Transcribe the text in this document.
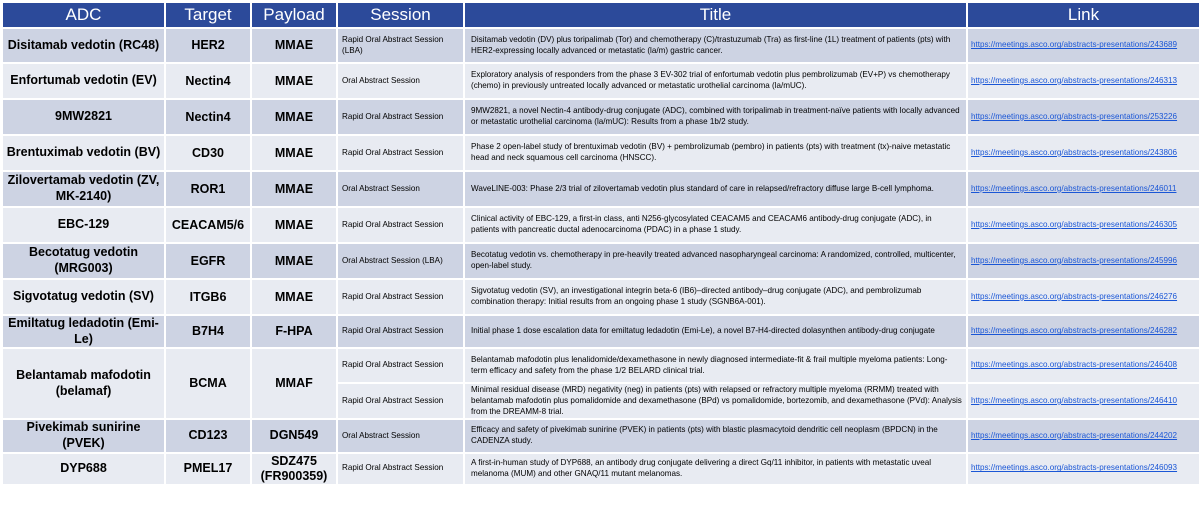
ADC	Target	Payload	Session	Title	Link
Disitamab vedotin (RC48)	HER2	MMAE	Rapid Oral Abstract Session (LBA)	Disitamab vedotin (DV) plus toripalimab (Tor) and chemotherapy (C)/trastuzumab (Tra) as first-line (1L) treatment of patients (pts) with HER2-expressing locally advanced or metastatic (la/m) gastric cancer.	https://meetings.asco.org/abstracts-presentations/243689
Enfortumab vedotin (EV)	Nectin4	MMAE	Oral Abstract Session	Exploratory analysis of responders from the phase 3 EV-302 trial of enfortumab vedotin plus pembrolizumab (EV+P) vs chemotherapy (chemo) in previously untreated locally advanced or metastatic urothelial carcinoma (la/mUC).	https://meetings.asco.org/abstracts-presentations/246313
9MW2821	Nectin4	MMAE	Rapid Oral Abstract Session	9MW2821, a novel Nectin-4 antibody-drug conjugate (ADC), combined with toripalimab in treatment-naïve patients with locally advanced or metastatic urothelial carcinoma (la/mUC): Results from a phase 1b/2 study.	https://meetings.asco.org/abstracts-presentations/253226
Brentuximab vedotin (BV)	CD30	MMAE	Rapid Oral Abstract Session	Phase 2 open-label study of brentuximab vedotin (BV) + pembrolizumab (pembro) in patients (pts) with treatment (tx)-naive metastatic head and neck squamous cell carcinoma (HNSCC).	https://meetings.asco.org/abstracts-presentations/243806
Zilovertamab vedotin (ZV, MK-2140)	ROR1	MMAE	Oral Abstract Session	WaveLINE-003: Phase 2/3 trial of zilovertamab vedotin plus standard of care in relapsed/refractory diffuse large B-cell lymphoma.	https://meetings.asco.org/abstracts-presentations/246011
EBC-129	CEACAM5/6	MMAE	Rapid Oral Abstract Session	Clinical activity of EBC-129, a first-in class, anti N256-glycosylated CEACAM5 and CEACAM6 antibody-drug conjugate (ADC), in patients with pancreatic ductal adenocarcinoma (PDAC) in a phase 1 study.	https://meetings.asco.org/abstracts-presentations/246305
Becotatug vedotin (MRG003)	EGFR	MMAE	Oral Abstract Session (LBA)	Becotatug vedotin vs. chemotherapy in pre-heavily treated advanced nasopharyngeal carcinoma: A randomized, controlled, multicenter, open-label study.	https://meetings.asco.org/abstracts-presentations/245996
Sigvotatug vedotin (SV)	ITGB6	MMAE	Rapid Oral Abstract Session	Sigvotatug vedotin (SV), an investigational integrin beta-6 (IB6)–directed antibody–drug conjugate (ADC), and pembrolizumab combination therapy: Initial results from an ongoing phase 1 study (SGNB6A-001).	https://meetings.asco.org/abstracts-presentations/246276
Emiltatug ledadotin (Emi-Le)	B7H4	F-HPA	Rapid Oral Abstract Session	Initial phase 1 dose escalation data for emiltatug ledadotin (Emi-Le), a novel B7-H4-directed dolasynthen antibody-drug conjugate	https://meetings.asco.org/abstracts-presentations/246282
Belantamab mafodotin (belamaf)	BCMA	MMAF	Rapid Oral Abstract Session	Belantamab mafodotin plus lenalidomide/dexamethasone in newly diagnosed intermediate-fit & frail multiple myeloma patients: Long-term efficacy and safety from the phase 1/2 BELARD clinical trial.	https://meetings.asco.org/abstracts-presentations/246408
			Rapid Oral Abstract Session	Minimal residual disease (MRD) negativity (neg) in patients (pts) with relapsed or refractory multiple myeloma (RRMM) treated with belantamab mafodotin plus pomalidomide and dexamethasone (BPd) vs pomalidomide, bortezomib, and dexamethasone (PVd): Analysis from the DREAMM-8 trial.	https://meetings.asco.org/abstracts-presentations/246410
Pivekimab sunirine (PVEK)	CD123	DGN549	Oral Abstract Session	Efficacy and safety of pivekimab sunirine (PVEK) in patients (pts) with blastic plasmacytoid dendritic cell neoplasm (BPDCN) in the CADENZA study.	https://meetings.asco.org/abstracts-presentations/244202
DYP688	PMEL17	SDZ475 (FR900359)	Rapid Oral Abstract Session	A first-in-human study of DYP688, an antibody drug conjugate delivering a direct Gq/11 inhibitor, in patients with metastatic uveal melanoma (MUM) and other GNAQ/11 mutant melanomas.	https://meetings.asco.org/abstracts-presentations/246093
